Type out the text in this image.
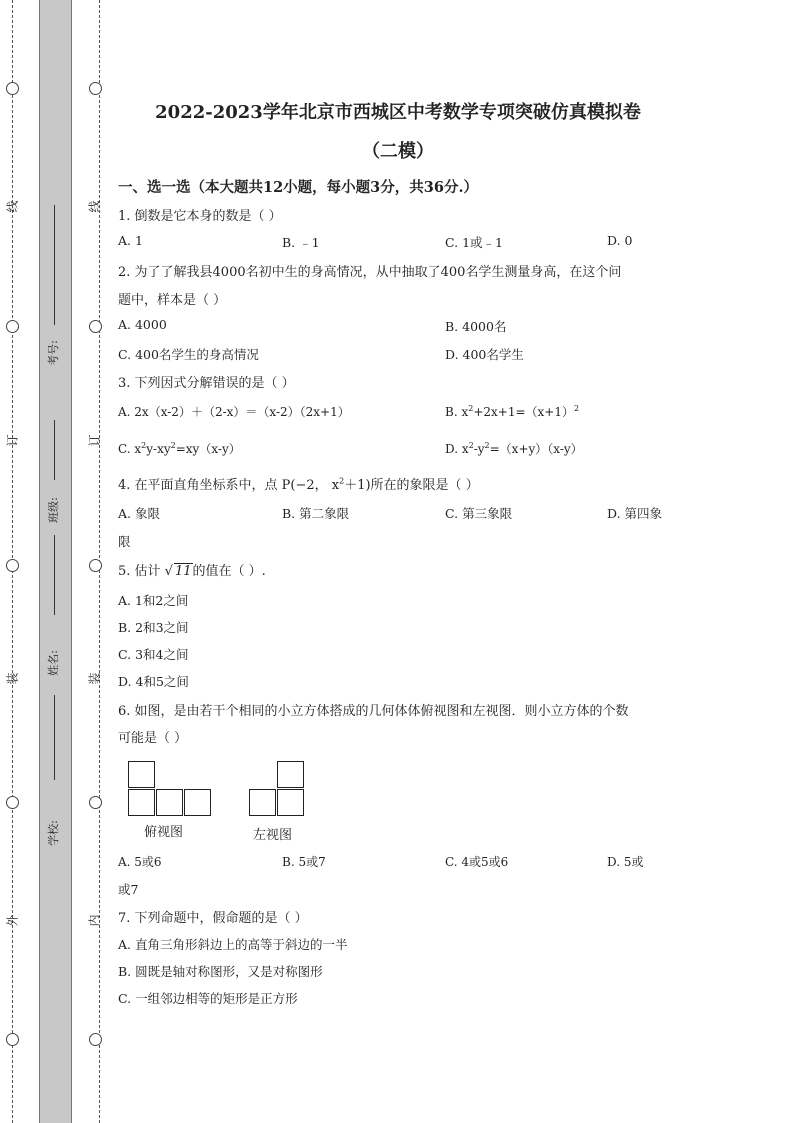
线
订
装
外
线
订
装
内
考号:
班级:
姓名:
学校:
2022-2023学年北京市西城区中考数学专项突破仿真模拟卷
（二模）
一、选一选（本大题共12小题，每小题3分，共36分.）
1. 倒数是它本身的数是（ ）
A. 1	B. ﹣1	C. 1或﹣1	D. 0
2. 为了了解我县4000名初中生的身高情况，从中抽取了400名学生测量身高，在这个问
题中，样本是（ ）
A. 4000	B. 4000名
C. 400名学生的身高情况	D. 400名学生
3. 下列因式分解错误的是（ ）
A. 2x（x-2）＋（2-x）＝（x-2）（2x+1）	B. $x^2+2x+1=(x+1)^2$
C. $x^2y-xy^2=xy(x-y)$	D. $x^2-y^2=(x+y)(x-y)$
4. 在平面直角坐标系中，点 P(−2， $x^2+1$)所在的象限是（ ）
A. 象限	B. 第二象限	C. 第三象限	D. 第四象
限
5. 估计 √ 11的值在（ ）.
A. 1和2之间
B. 2和3之间
C. 3和4之间
D. 4和5之间
6. 如图，是由若干个相同的小立方体搭成的几何体体俯视图和左视图．则小立方体的个数
可能是（ ）
俯视图	左视图
A. 5或6	B. 5或7	C. 4或5或6	D. 5或
或7
7. 下列命题中，假命题的是（ ）
A. 直角三角形斜边上的高等于斜边的一半
B. 圆既是轴对称图形，又是对称图形
C. 一组邻边相等的矩形是正方形
